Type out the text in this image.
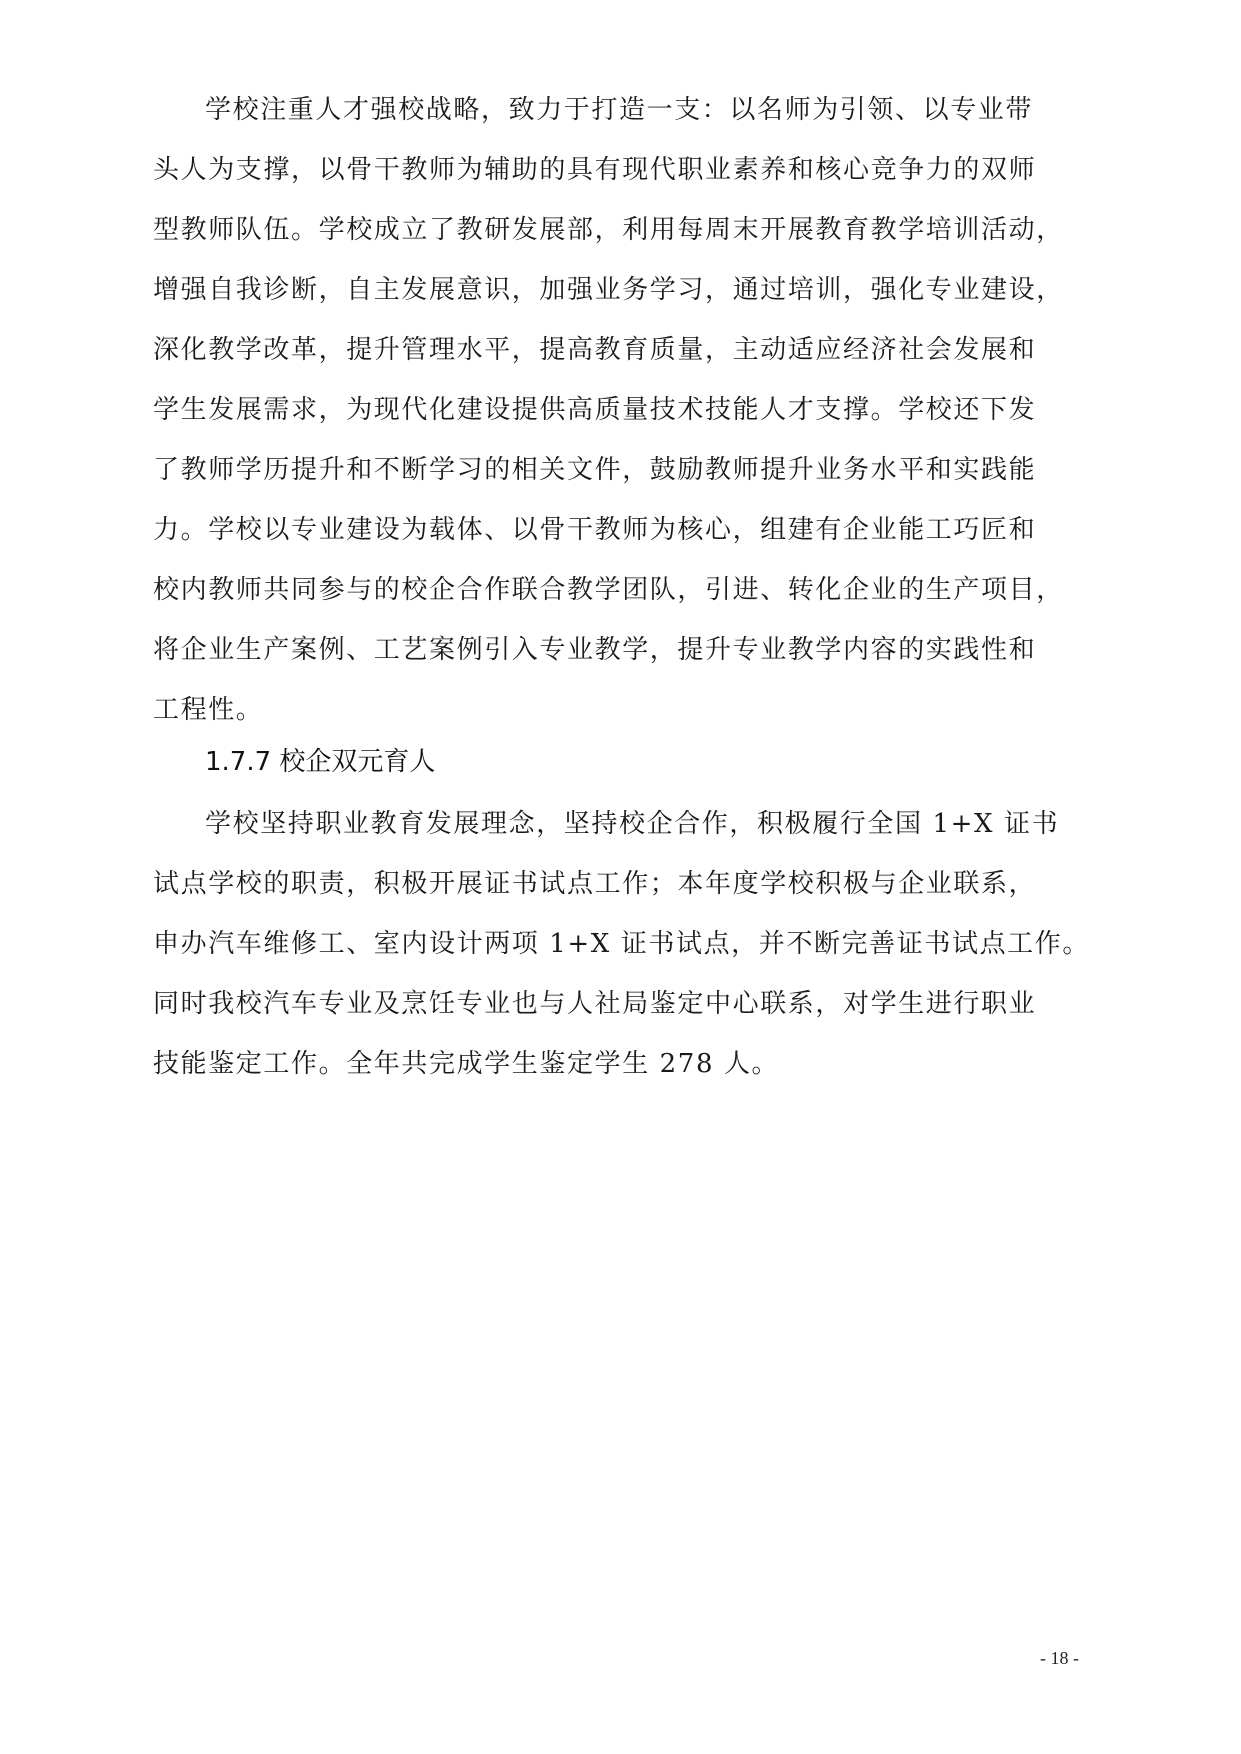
学校注重人才强校战略，致力于打造一支：以名师为引领、以专业带
头人为支撑，以骨干教师为辅助的具有现代职业素养和核心竞争力的双师
型教师队伍。学校成立了教研发展部，利用每周末开展教育教学培训活动，
增强自我诊断，自主发展意识，加强业务学习，通过培训，强化专业建设，
深化教学改革，提升管理水平，提高教育质量，主动适应经济社会发展和
学生发展需求，为现代化建设提供高质量技术技能人才支撑。学校还下发
了教师学历提升和不断学习的相关文件，鼓励教师提升业务水平和实践能
力。学校以专业建设为载体、以骨干教师为核心，组建有企业能工巧匠和
校内教师共同参与的校企合作联合教学团队，引进、转化企业的生产项目，
将企业生产案例、工艺案例引入专业教学，提升专业教学内容的实践性和
工程性。
1.7.7 校企双元育人
学校坚持职业教育发展理念，坚持校企合作，积极履行全国 1+X 证书
试点学校的职责，积极开展证书试点工作；本年度学校积极与企业联系，
申办汽车维修工、室内设计两项 1+X 证书试点，并不断完善证书试点工作。
同时我校汽车专业及烹饪专业也与人社局鉴定中心联系，对学生进行职业
技能鉴定工作。全年共完成学生鉴定学生 278 人。
- 18 -
